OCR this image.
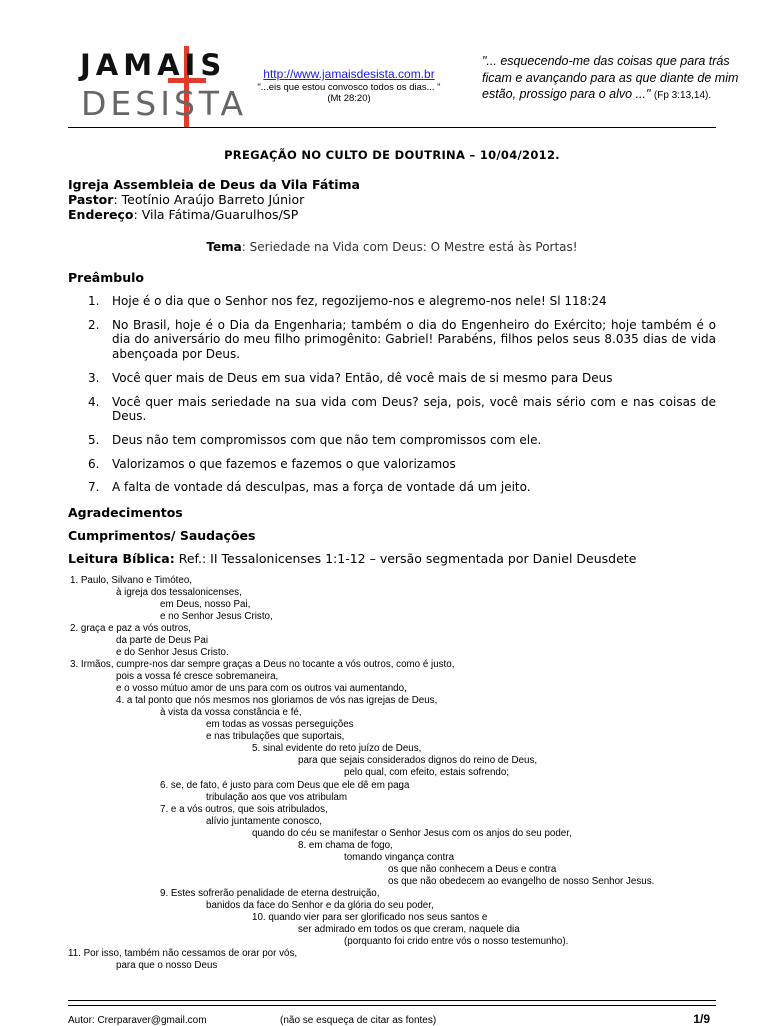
JAMAIS
DESISTA
http://www.jamaisdesista.com.br
"...eis que estou convosco todos os dias... "
(Mt 28:20)
"... esquecendo-me das coisas que para trás ficam e avançando para as que diante de mim estão, prossigo para o alvo ..." (Fp 3:13,14).
PREGAÇÃO NO CULTO DE DOUTRINA – 10/04/2012.
Igreja Assembleia de Deus da Vila Fátima
Pastor: Teotínio Araújo Barreto Júnior
Endereço: Vila Fátima/Guarulhos/SP
Tema: Seriedade na Vida com Deus: O Mestre está às Portas!
Preâmbulo
1. Hoje é o dia que o Senhor nos fez, regozijemo-nos e alegremo-nos nele! Sl 118:24
2. No Brasil, hoje é o Dia da Engenharia; também o dia do Engenheiro do Exército; hoje também é o dia do aniversário do meu filho primogênito: Gabriel! Parabéns, filhos pelos seus 8.035 dias de vida abençoada por Deus.
3. Você quer mais de Deus em sua vida? Então, dê você mais de si mesmo para Deus
4. Você quer mais seriedade na sua vida com Deus? seja, pois, você mais sério com e nas coisas de Deus.
5. Deus não tem compromissos com que não tem compromissos com ele.
6. Valorizamos o que fazemos e fazemos o que valorizamos
7. A falta de vontade dá desculpas, mas a força de vontade dá um jeito.
Agradecimentos
Cumprimentos/ Saudações
Leitura Bíblica: Ref.: II Tessalonicenses 1:1-12 – versão segmentada por Daniel Deusdete
1. Paulo, Silvano e Timóteo,
à igreja dos tessalonicenses,
em Deus, nosso Pai,
e no Senhor Jesus Cristo,
2. graça e paz a vós outros,
da parte de Deus Pai
e do Senhor Jesus Cristo.
3. Irmãos, cumpre-nos dar sempre graças a Deus no tocante a vós outros, como é justo,
pois a vossa fé cresce sobremaneira,
e o vosso mútuo amor de uns para com os outros vai aumentando,
4. a tal ponto que nós mesmos nos gloriamos de vós nas igrejas de Deus,
à vista da vossa constância e fé,
em todas as vossas perseguições
e nas tribulações que suportais,
5. sinal evidente do reto juízo de Deus,
para que sejais considerados dignos do reino de Deus,
pelo qual, com efeito, estais sofrendo;
6. se, de fato, é justo para com Deus que ele dê em paga
tribulação aos que vos atribulam
7. e a vós outros, que sois atribulados,
alívio juntamente conosco,
quando do céu se manifestar o Senhor Jesus com os anjos do seu poder,
8. em chama de fogo,
tomando vingança contra
os que não conhecem a Deus e contra
os que não obedecem ao evangelho de nosso Senhor Jesus.
9. Estes sofrerão penalidade de eterna destruição,
banidos da face do Senhor e da glória do seu poder,
10. quando vier para ser glorificado nos seus santos e
ser admirado em todos os que creram, naquele dia
(porquanto foi crido entre vós o nosso testemunho).
11. Por isso, também não cessamos de orar por vós,
para que o nosso Deus
Autor: Crerparaver@gmail.com	(não se esqueça de citar as fontes)	1/9
